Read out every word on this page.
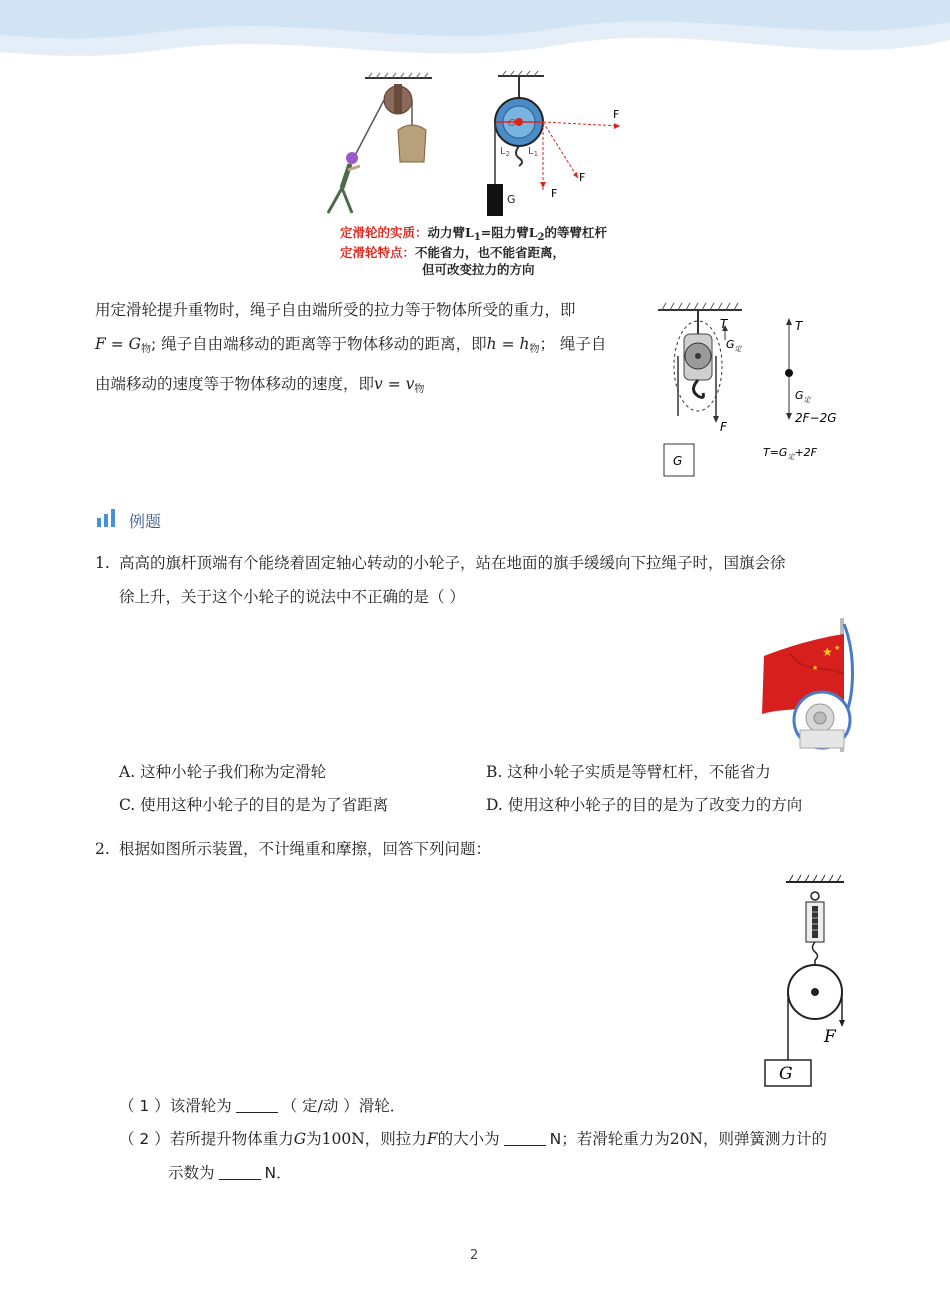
O
G	F
F
F
$L_2$ $L_1$
定滑轮的实质：动力臂$L_1=$阻力臂$L_2$的等臂杠杆
定滑轮特点：不能省力，也不能省距离，
但可改变拉力的方向
用定滑轮提升重物时，绳子自由端所受的拉力等于物体所受的重力，即
$F = G_物$; 绳子自由端移动的距离等于物体移动的距离，即$h = h_物$； 绳子自
由端移动的速度等于物体移动的速度，即$v = v_物$
T
$G_定$
F
G
T
$G_定$
2F−2G
$T=G_定+2F$
例题
1. 高高的旗杆顶端有个能绕着固定轴心转动的小轮子，站在地面的旗手缓缓向下拉绳子时，国旗会徐
徐上升，关于这个小轮子的说法中不正确的是（ ）
★
★
★
A. 这种小轮子我们称为定滑轮	B. 这种小轮子实质是等臂杠杆，不能省力
C. 使用这种小轮子的目的是为了省距离	D. 使用这种小轮子的目的是为了改变力的方向
2. 根据如图所示装置，不计绳重和摩擦，回答下列问题：
F
G
（ 1 ）该滑轮为	（ 定/动 ）滑轮．
（ 2 ）若所提升物体重力G为100N，则拉力F的大小为	N；若滑轮重力为20N，则弹簧测力计的
示数为	N．
2
